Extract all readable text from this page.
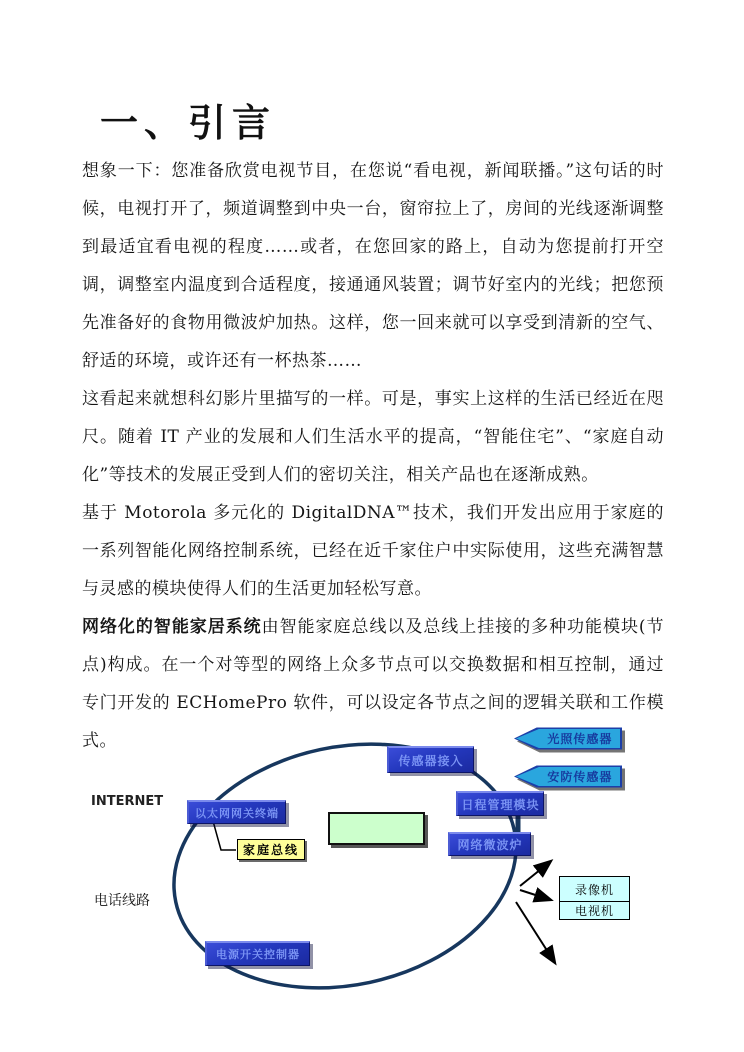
一、引言

想象一下：您准备欣赏电视节目，在您说“看电视，新闻联播。”这句话的时候，电视打开了，频道调整到中央一台，窗帘拉上了，房间的光线逐渐调整到最适宜看电视的程度……或者，在您回家的路上，自动为您提前打开空调，调整室内温度到合适程度，接通通风装置；调节好室内的光线；把您预先准备好的食物用微波炉加热。这样，您一回来就可以享受到清新的空气、舒适的环境，或许还有一杯热茶……

这看起来就想科幻影片里描写的一样。可是，事实上这样的生活已经近在咫尺。随着 IT 产业的发展和人们生活水平的提高，“智能住宅”、“家庭自动化”等技术的发展正受到人们的密切关注，相关产品也在逐渐成熟。

基于 Motorola 多元化的 DigitalDNA™技术，我们开发出应用于家庭的一系列智能化网络控制系统，已经在近千家住户中实际使用，这些充满智慧与灵感的模块使得人们的生活更加轻松写意。

网络化的智能家居系统由智能家庭总线以及总线上挂接的多种功能模块(节点)构成。在一个对等型的网络上众多节点可以交换数据和相互控制，通过专门开发的 ECHomePro 软件，可以设定各节点之间的逻辑关联和工作模式。

INTERNET
电话线路
传感器接入
光照传感器
安防传感器
以太网网关终端
日程管理模块
家庭总线	网络微波炉
录像机
电视机
电源开关控制器
